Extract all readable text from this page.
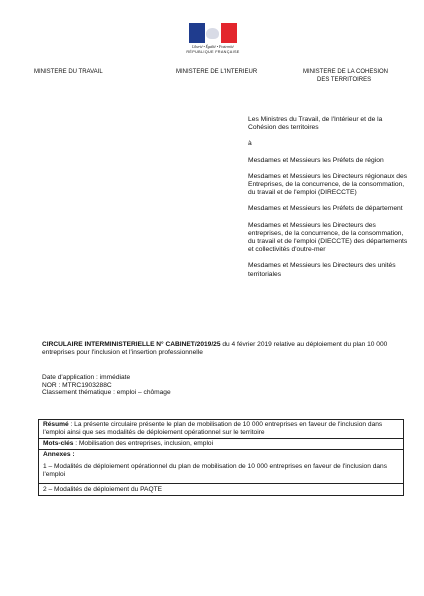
Liberté • Égalité • Fraternité
RÉPUBLIQUE FRANÇAISE
MINISTERE DU TRAVAIL	MINISTERE DE L'INTERIEUR	MINISTERE DE LA COHESION
DES TERRITOIRES

Les Ministres du Travail, de l'Intérieur et de la Cohésion des territoires

à

Mesdames et Messieurs les Préfets de région

Mesdames et Messieurs les Directeurs régionaux des Entreprises, de la concurrence, de la consommation, du travail et de l'emploi (DIRECCTE)

Mesdames et Messieurs les Préfets de département

Mesdames et Messieurs les Directeurs des entreprises, de la concurrence, de la consommation, du travail et de l'emploi (DIECCTE) des départements et collectivités d'outre-mer

Mesdames et Messieurs les Directeurs des unités territoriales

CIRCULAIRE INTERMINISTERIELLE N° CABINET/2019/25 du 4 février 2019 relative au déploiement du plan 10 000 entreprises pour l'inclusion et l'insertion professionnelle
Date d'application : immédiate
NOR : MTRC1903288C
Classement thématique : emploi – chômage
Résumé : La présente circulaire présente le plan de mobilisation de 10 000 entreprises en faveur de l'inclusion dans l'emploi ainsi que ses modalités de déploiement opérationnel sur le territoire
Mots-clés : Mobilisation des entreprises, inclusion, emploi
Annexes :
1 – Modalités de déploiement opérationnel du plan de mobilisation de 10 000 entreprises en faveur de l'inclusion dans l'emploi
2 – Modalités de déploiement du PAQTE
